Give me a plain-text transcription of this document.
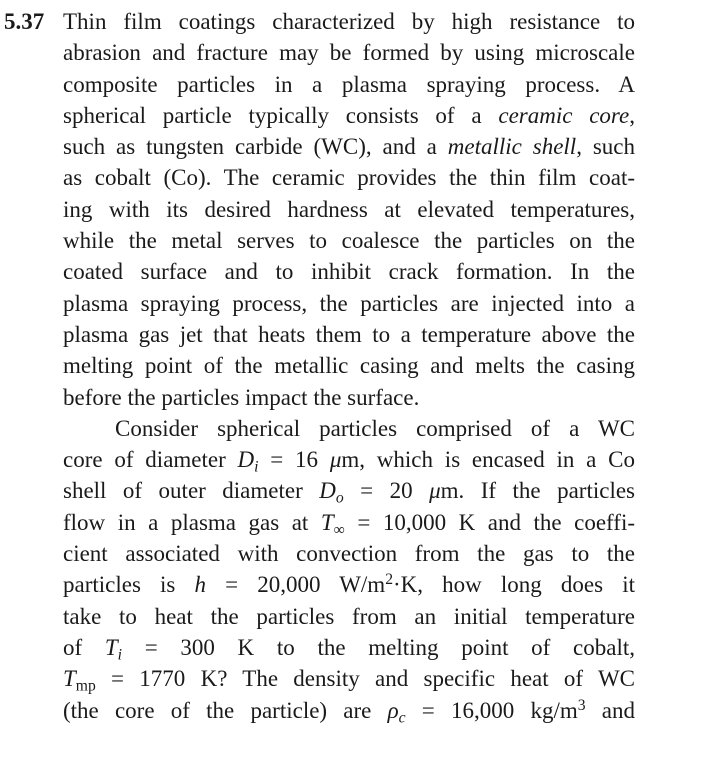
5.37 Thin film coatings characterized by high resistance to
abrasion and fracture may be formed by using microscale
composite particles in a plasma spraying process. A
spherical particle typically consists of a ceramic core,
such as tungsten carbide (WC), and a metallic shell, such
as cobalt (Co). The ceramic provides the thin film coat-
ing with its desired hardness at elevated temperatures,
while the metal serves to coalesce the particles on the
coated surface and to inhibit crack formation. In the
plasma spraying process, the particles are injected into a
plasma gas jet that heats them to a temperature above the
melting point of the metallic casing and melts the casing
before the particles impact the surface.
Consider spherical particles comprised of a WC
core of diameter $D_i = 16$ μm, which is encased in a Co
shell of outer diameter $D_o = 20$ μm. If the particles
flow in a plasma gas at $T_\infty = 10,000$ K and the coeffi-
cient associated with convection from the gas to the
particles is h = 20,000 $W/m^2\cdot K$, how long does it
take to heat the particles from an initial temperature
of $T_i = 300$ K to the melting point of cobalt,
$T_{mp} = 1770$ K? The density and specific heat of WC
(the core of the particle) are $\rho_c = 16,000$ $kg/m^3$ and
